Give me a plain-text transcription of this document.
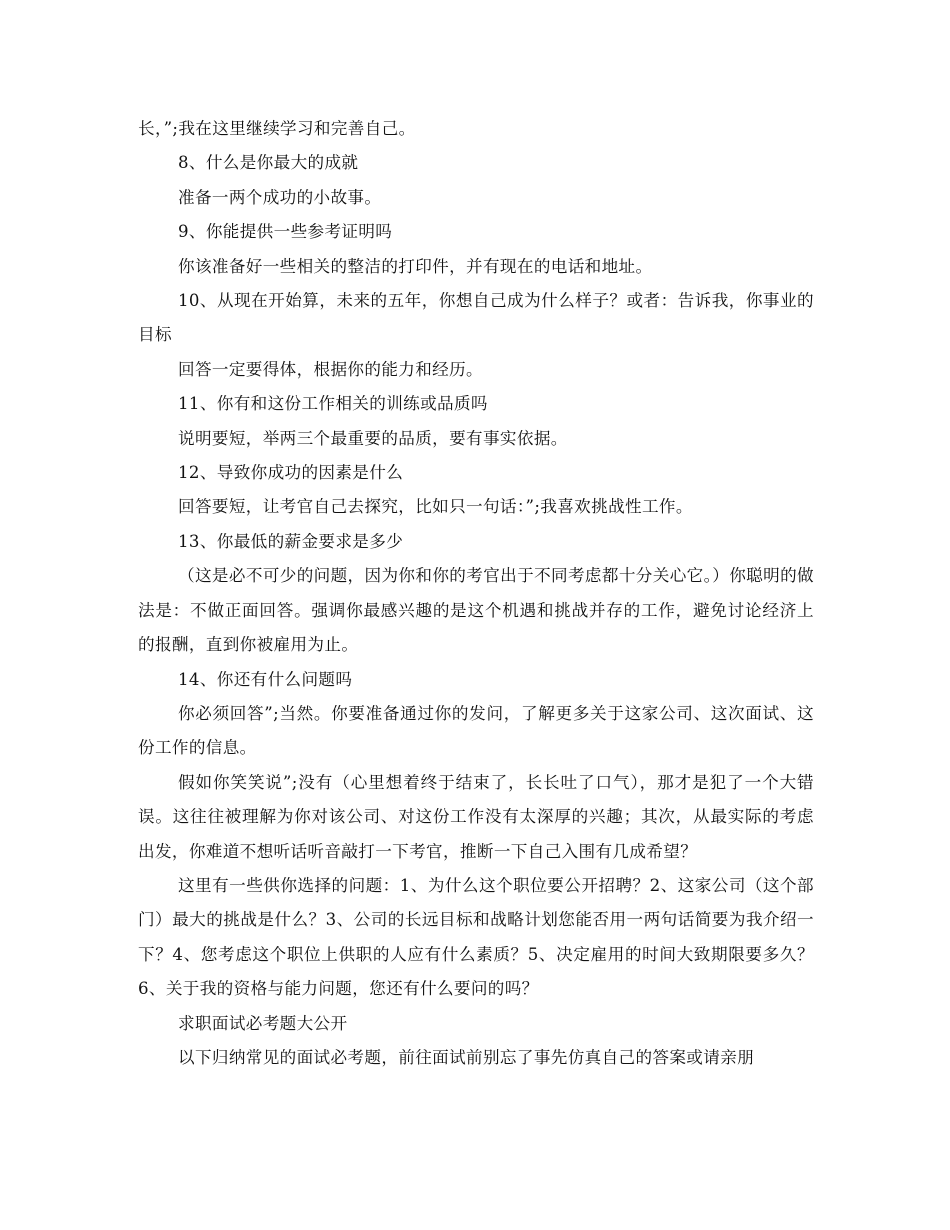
长，”;我在这里继续学习和完善自己。

8、什么是你最大的成就

准备一两个成功的小故事。

9、你能提供一些参考证明吗

你该准备好一些相关的整洁的打印件，并有现在的电话和地址。

10、从现在开始算，未来的五年，你想自己成为什么样子？或者：告诉我，你事业的目标

回答一定要得体，根据你的能力和经历。

11、你有和这份工作相关的训练或品质吗

说明要短，举两三个最重要的品质，要有事实依据。

12、导致你成功的因素是什么

回答要短，让考官自己去探究，比如只一句话：”;我喜欢挑战性工作。

13、你最低的薪金要求是多少

（这是必不可少的问题，因为你和你的考官出于不同考虑都十分关心它。）你聪明的做法是：不做正面回答。强调你最感兴趣的是这个机遇和挑战并存的工作，避免讨论经济上的报酬，直到你被雇用为止。

14、你还有什么问题吗

你必须回答”;当然。你要准备通过你的发问，了解更多关于这家公司、这次面试、这份工作的信息。

假如你笑笑说”;没有（心里想着终于结束了，长长吐了口气），那才是犯了一个大错误。这往往被理解为你对该公司、对这份工作没有太深厚的兴趣；其次，从最实际的考虑出发，你难道不想听话听音敲打一下考官，推断一下自己入围有几成希望？

这里有一些供你选择的问题：1、为什么这个职位要公开招聘？2、这家公司（这个部门）最大的挑战是什么？3、公司的长远目标和战略计划您能否用一两句话简要为我介绍一下？4、您考虑这个职位上供职的人应有什么素质？5、决定雇用的时间大致期限要多久？6、关于我的资格与能力问题，您还有什么要问的吗？

求职面试必考题大公开

以下归纳常见的面试必考题，前往面试前别忘了事先仿真自己的答案或请亲朋
